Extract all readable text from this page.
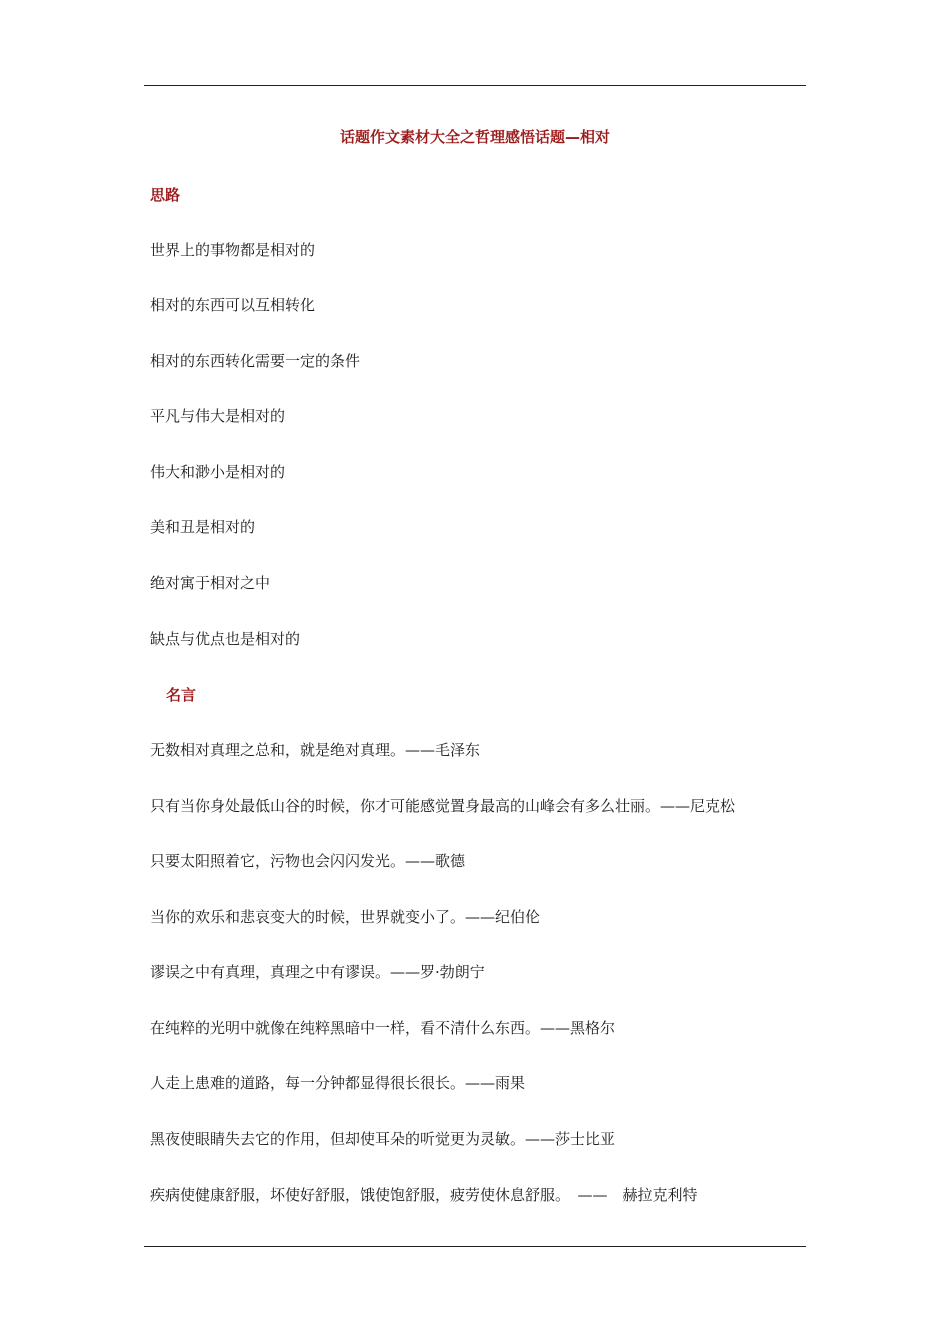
话题作文素材大全之哲理感悟话题—相对
思路
世界上的事物都是相对的
相对的东西可以互相转化
相对的东西转化需要一定的条件
平凡与伟大是相对的
伟大和渺小是相对的
美和丑是相对的
绝对寓于相对之中
缺点与优点也是相对的
名言
无数相对真理之总和，就是绝对真理。——毛泽东
只有当你身处最低山谷的时候，你才可能感觉置身最高的山峰会有多么壮丽。——尼克松
只要太阳照着它，污物也会闪闪发光。——歌德
当你的欢乐和悲哀变大的时候，世界就变小了。——纪伯伦
谬误之中有真理，真理之中有谬误。——罗·勃朗宁
在纯粹的光明中就像在纯粹黑暗中一样，看不清什么东西。——黑格尔
人走上患难的道路，每一分钟都显得很长很长。——雨果
黑夜使眼睛失去它的作用，但却使耳朵的听觉更为灵敏。——莎士比亚
疾病使健康舒服，坏使好舒服，饿使饱舒服，疲劳使休息舒服。　——　赫拉克利特
